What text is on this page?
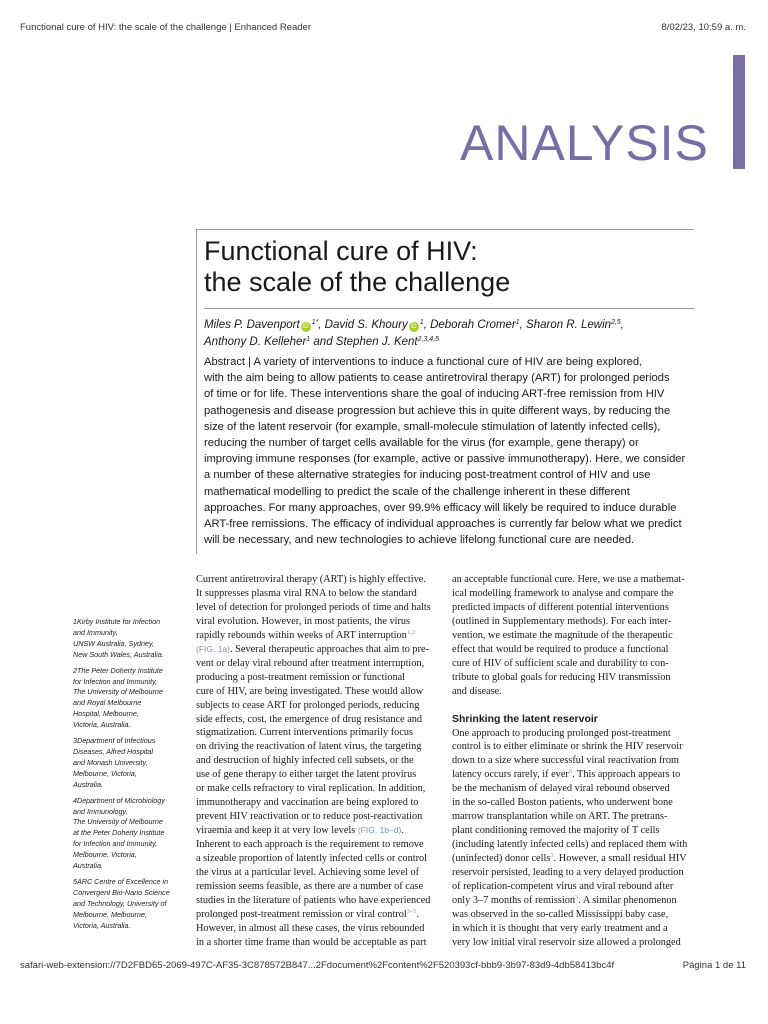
Functional cure of HIV: the scale of the challenge | Enhanced Reader	8/02/23, 10:59 a. m.
ANALYSIS
Functional cure of HIV:
the scale of the challenge
Miles P. Davenport $iD^{1*}$, David S. Khoury $iD^1$, Deborah Cromer$^1$, Sharon R. Lewin$^{2,5}$,
Anthony D. Kelleher$^1$ and Stephen J. Kent$^{2,3,4,5}$
Abstract | A variety of interventions to induce a functional cure of HIV are being explored,
with the aim being to allow patients to cease antiretroviral therapy (ART) for prolonged periods
of time or for life. These interventions share the goal of inducing ART-free remission from HIV
pathogenesis and disease progression but achieve this in quite different ways, by reducing the
size of the latent reservoir (for example, small-molecule stimulation of latently infected cells),
reducing the number of target cells available for the virus (for example, gene therapy) or
improving immune responses (for example, active or passive immunotherapy). Here, we consider
a number of these alternative strategies for inducing post-treatment control of HIV and use
mathematical modelling to predict the scale of the challenge inherent in these different
approaches. For many approaches, over 99.9% efficacy will likely be required to induce durable
ART-free remissions. The efficacy of individual approaches is currently far below what we predict
will be necessary, and new technologies to achieve lifelong functional cure are needed.
1Kirby Institute for Infection
and Immunity,
UNSW Australia, Sydney,
New South Wales, Australia.
2The Peter Doherty Institute
for Infection and Immunity,
The University of Melbourne
and Royal Melbourne
Hospital, Melbourne,
Victoria, Australia.
3Department of Infectious
Diseases, Alfred Hospital
and Monash University,
Melbourne, Victoria,
Australia.
4Department of Microbiology
and Immunology,
The University of Melbourne
at the Peter Doherty Institute
for Infection and Immunity,
Melbourne, Victoria,
Australia.
5ARC Centre of Excellence in
Convergent Bio-Nano Science
and Technology, University of
Melbourne, Melbourne,
Victoria, Australia.
Current antiretroviral therapy (ART) is highly effective.
It suppresses plasma viral RNA to below the standard
level of detection for prolonged periods of time and halts
viral evolution. However, in most patients, the virus
rapidly rebounds within weeks of ART interruption$^{1,2}$
(FIG. 1a). Several therapeutic approaches that aim to pre-
vent or delay viral rebound after treatment interruption,
producing a post-treatment remission or functional
cure of HIV, are being investigated. These would allow
subjects to cease ART for prolonged periods, reducing
side effects, cost, the emergence of drug resistance and
stigmatization. Current interventions primarily focus
on driving the reactivation of latent virus, the targeting
and destruction of highly infected cell subsets, or the
use of gene therapy to either target the latent provirus
or make cells refractory to viral replication. In addition,
immunotherapy and vaccination are being explored to
prevent HIV reactivation or to reduce post-reactivation
viraemia and keep it at very low levels (FIG. 1b–d).
Inherent to each approach is the requirement to remove
a sizeable proportion of latently infected cells or control
the virus at a particular level. Achieving some level of
remission seems feasible, as there are a number of case
studies in the literature of patients who have experienced
prolonged post-treatment remission or viral control$^{3-5}$.
However, in almost all these cases, the virus rebounded
in a shorter time frame than would be acceptable as part
an acceptable functional cure. Here, we use a mathemat-
ical modelling framework to analyse and compare the
predicted impacts of different potential interventions
(outlined in Supplementary methods). For each inter-
vention, we estimate the magnitude of the therapeutic
effect that would be required to produce a functional
cure of HIV of sufficient scale and durability to con-
tribute to global goals for reducing HIV transmission
and disease.
Shrinking the latent reservoir
One approach to producing prolonged post-treatment
control is to either eliminate or shrink the HIV reservoir
down to a size where successful viral reactivation from
latency occurs rarely, if ever$^6$. This approach appears to
be the mechanism of delayed viral rebound observed
in the so-called Boston patients, who underwent bone
marrow transplantation while on ART. The pretrans-
plant conditioning removed the majority of T cells
(including latently infected cells) and replaced them with
(uninfected) donor cells$^3$. However, a small residual HIV
reservoir persisted, leading to a very delayed production
of replication-competent virus and viral rebound after
only 3–7 months of remission$^3$. A similar phenomenon
was observed in the so-called Mississippi baby case,
in which it is thought that very early treatment and a
very low initial viral reservoir size allowed a prolonged
safari-web-extension://7D2FBD65-2069-497C-AF35-3C878572B847...2Fdocument%2Fcontent%2F520393cf-bbb9-3b97-83d9-4db58413bc4f	Página 1 de 11
